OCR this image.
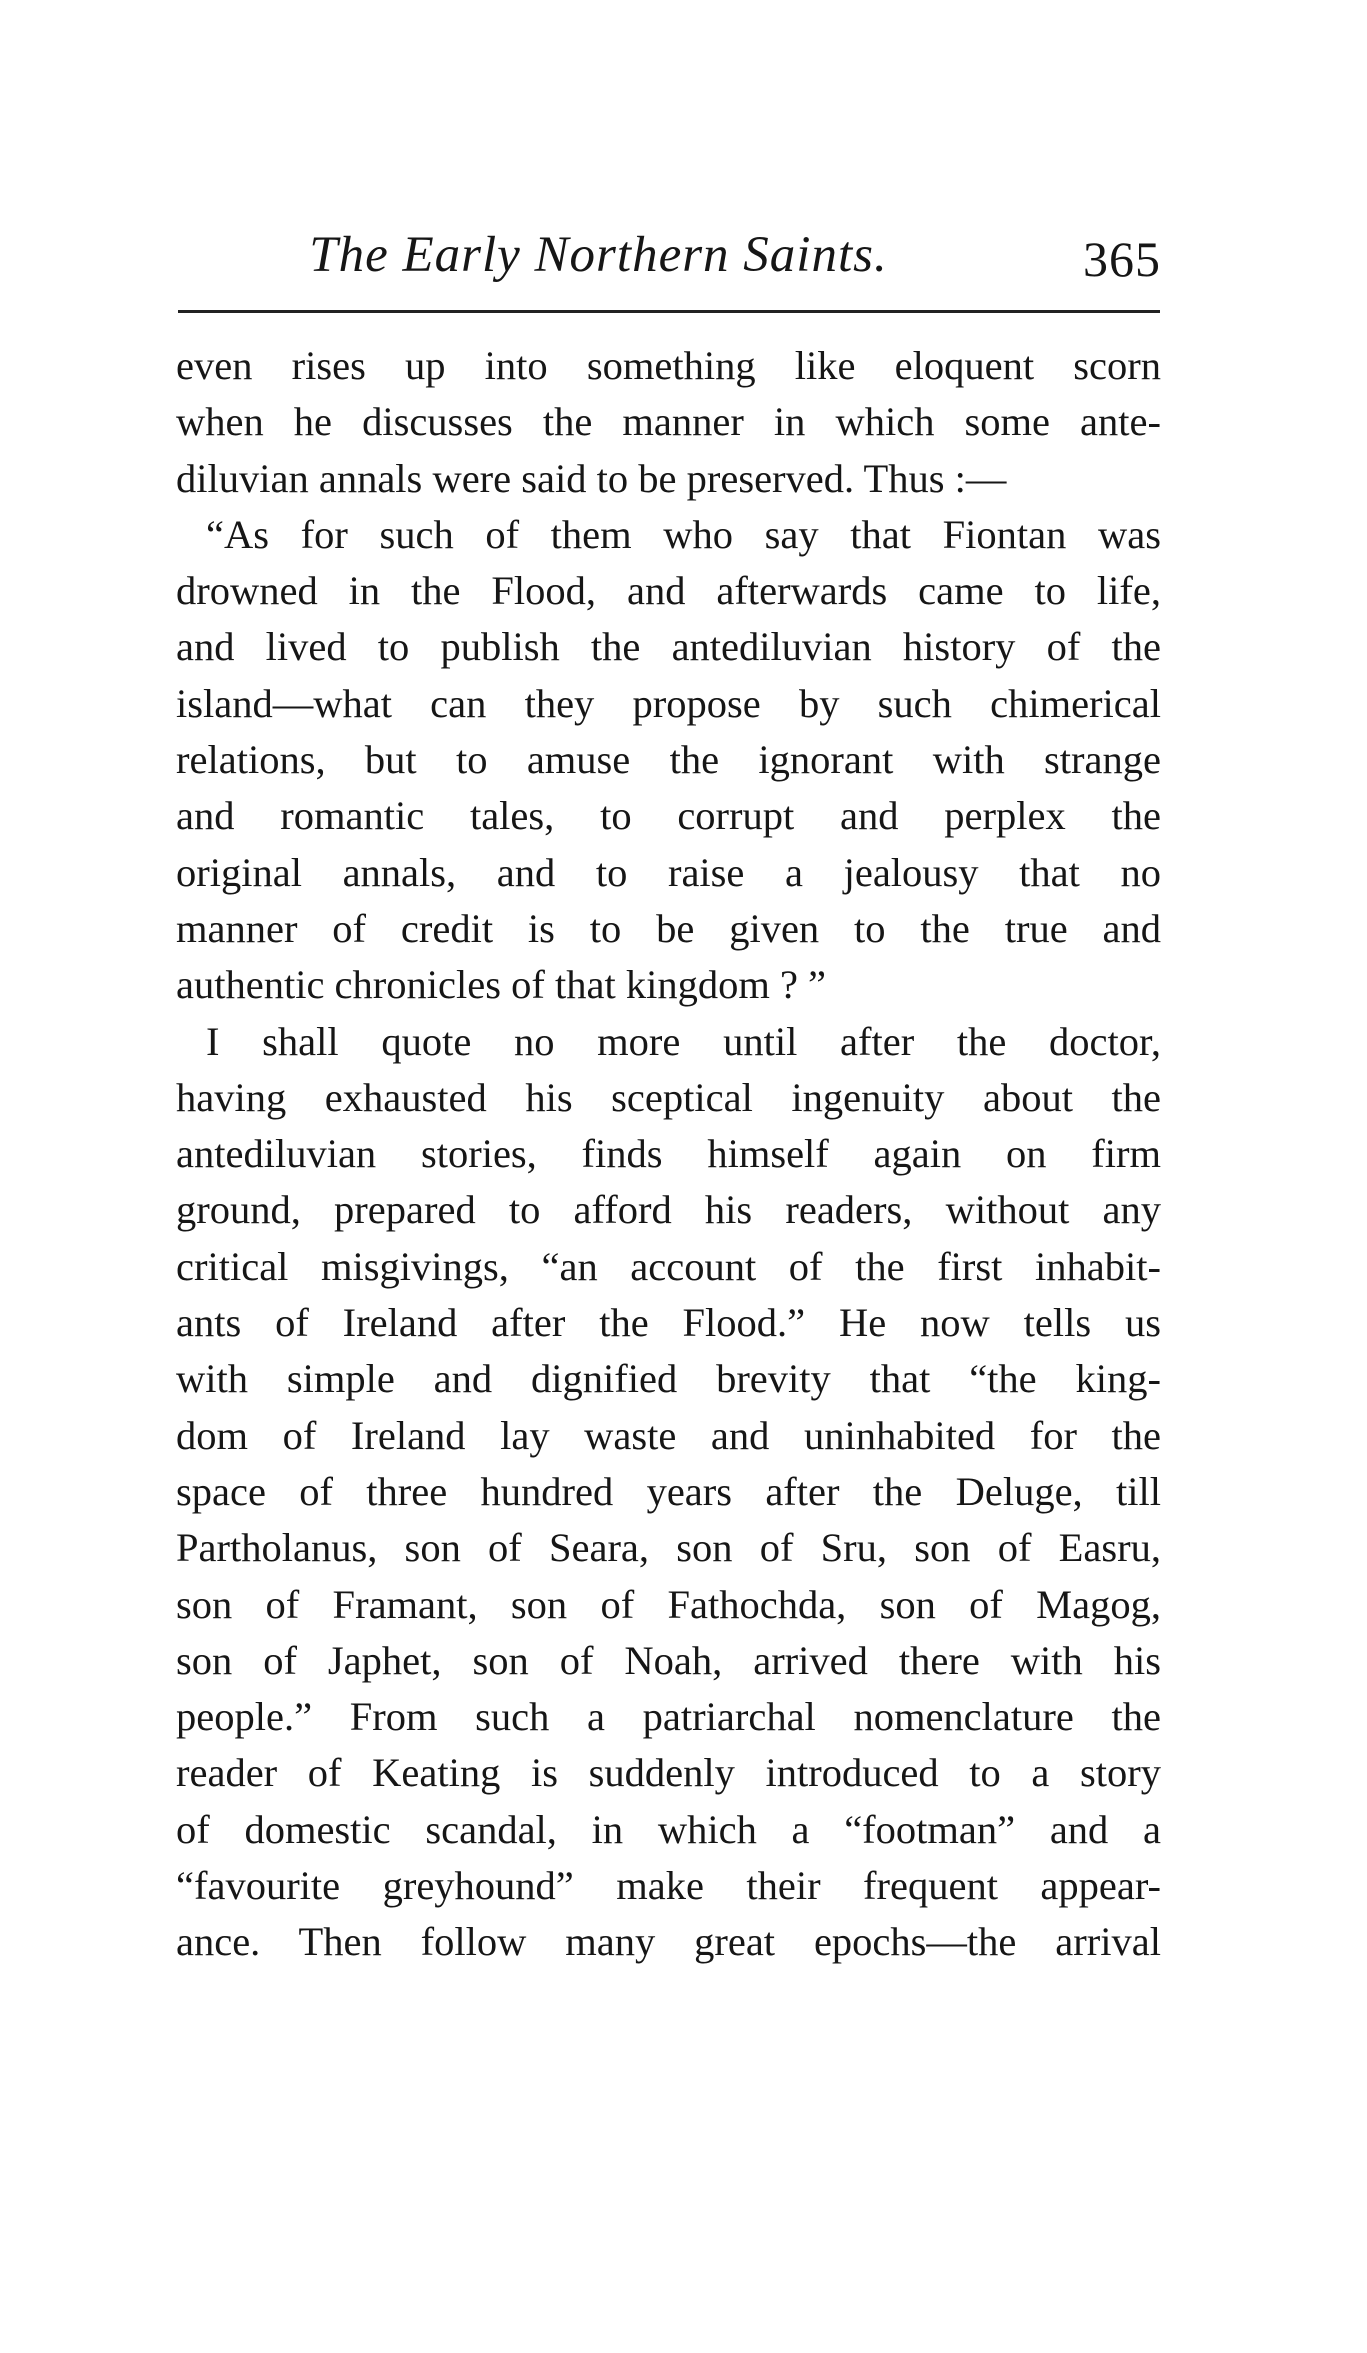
The Early Northern Saints.	365
even rises up into something like eloquent scorn
when he discusses the manner in which some ante-
diluvian annals were said to be preserved. Thus :—
“As for such of them who say that Fiontan was
drowned in the Flood, and afterwards came to life,
and lived to publish the antediluvian history of the
island—what can they propose by such chimerical
relations, but to amuse the ignorant with strange
and romantic tales, to corrupt and perplex the
original annals, and to raise a jealousy that no
manner of credit is to be given to the true and
authentic chronicles of that kingdom ? ”
I shall quote no more until after the doctor,
having exhausted his sceptical ingenuity about the
antediluvian stories, finds himself again on firm
ground, prepared to afford his readers, without any
critical misgivings, “an account of the first inhabit-
ants of Ireland after the Flood.” He now tells us
with simple and dignified brevity that “the king-
dom of Ireland lay waste and uninhabited for the
space of three hundred years after the Deluge, till
Partholanus, son of Seara, son of Sru, son of Easru,
son of Framant, son of Fathochda, son of Magog,
son of Japhet, son of Noah, arrived there with his
people.” From such a patriarchal nomenclature the
reader of Keating is suddenly introduced to a story
of domestic scandal, in which a “footman” and a
“favourite greyhound” make their frequent appear-
ance. Then follow many great epochs—the arrival
